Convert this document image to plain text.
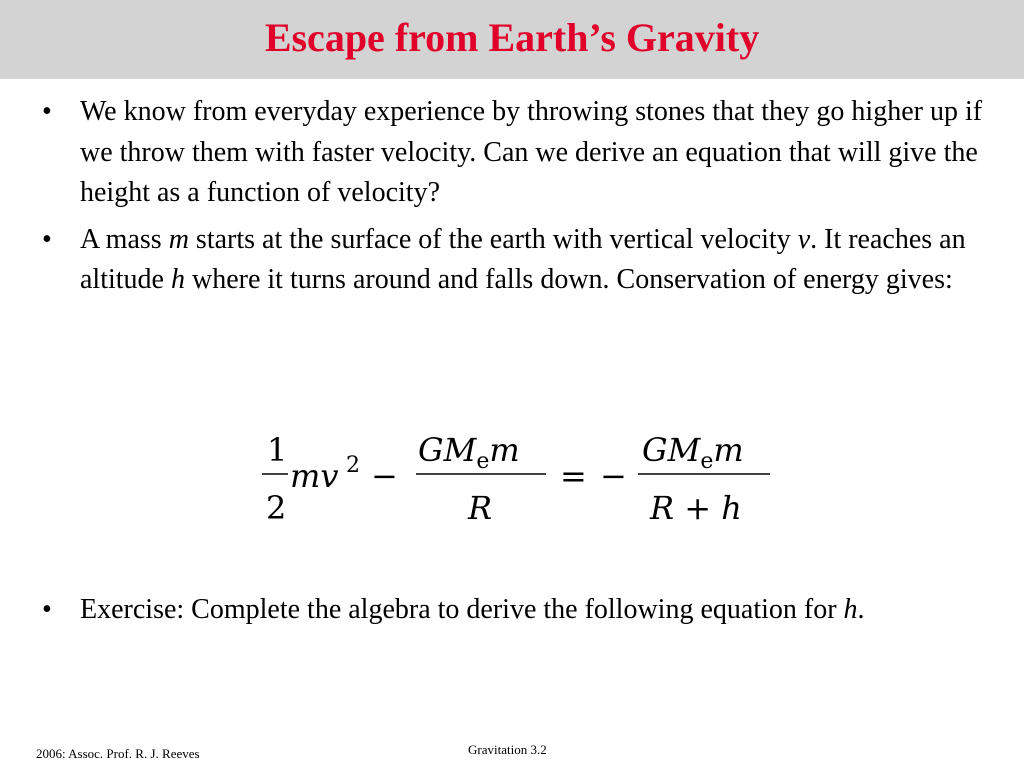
Escape from Earth’s Gravity
• We know from everyday experience by throwing stones that they go higher up if we throw them with faster velocity. Can we derive an equation that will give the height as a function of velocity?
• A mass m starts at the surface of the earth with vertical velocity v. It reaches an altitude h where it turns around and falls down. Conservation of energy gives:
1
2
mv 2 −
$GM_em$
R
= −
$GM_em$
R + h
• Exercise: Complete the algebra to derive the following equation for h.
2006: Assoc. Prof. R. J. Reeves	Gravitation 3.2
